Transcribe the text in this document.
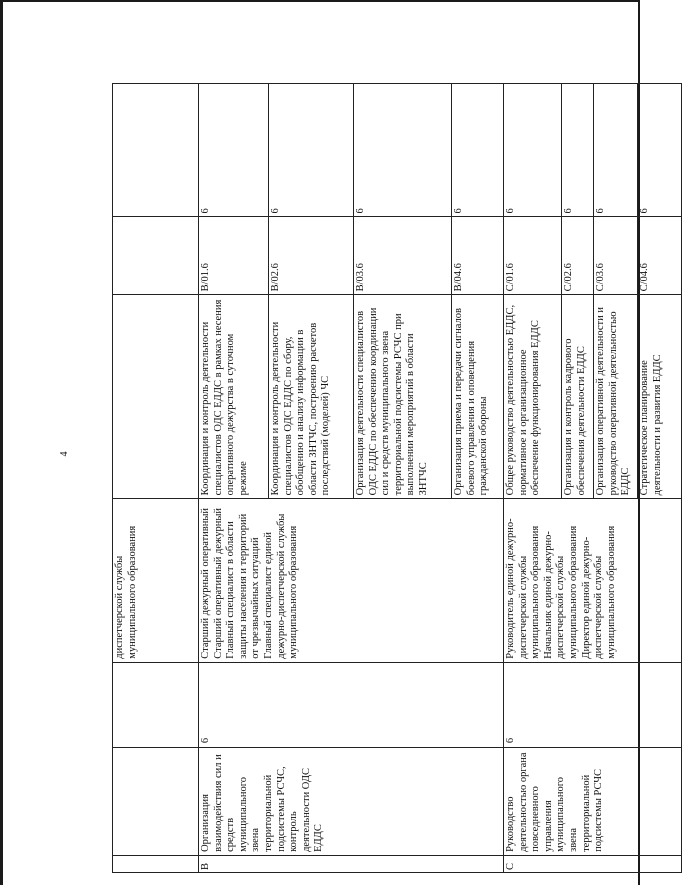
4
			диспетчерской службы муниципального образования			
B	Организация взаимодействия сил и средств муниципального звена территориальной подсистемы РСЧС, контроль деятельности ОДС ЕДДС	6	Старший дежурный оперативный
Старший оперативный дежурный
Главный специалист в области защиты населения и территорий от чрезвычайных ситуаций
Главный специалист единой дежурно-диспетчерской службы муниципального образования	Координация и контроль деятельности специалистов ОДС ЕДДС в рамках несения оперативного дежурства в суточном режиме	B/01.6	6
				Координация и контроль деятельности специалистов ОДС ЕДДС по сбору, обобщению и анализу информации в области ЗНТЧС, построению расчетов последствий (моделей) ЧС	B/02.6	6
				Организация деятельности специалистов ОДС ЕДДС по обеспечению координации сил и средств муниципального звена территориальной подсистемы РСЧС при выполнении мероприятий в области ЗНТЧС	B/03.6	6
				Организация приема и передачи сигналов боевого управления и оповещения гражданской обороны	B/04.6	6
C	Руководство деятельностью органа повседневного управления муниципального звена территориальной подсистемы РСЧС	6	Руководитель единой дежурно-диспетчерской службы муниципального образования
Начальник единой дежурно-диспетчерской службы муниципального образования
Директор единой дежурно-диспетчерской службы муниципального образования	Общее руководство деятельностью ЕДДС, нормативное и организационное обеспечение функционирования ЕДДС	C/01.6	6
				Организация и контроль кадрового обеспечения деятельности ЕДДС	C/02.6	6
				Организация оперативной деятельности и руководство оперативной деятельностью ЕДДС	C/03.6	6
				Стратегическое планирование деятельности и развития ЕДДС	C/04.6	6
